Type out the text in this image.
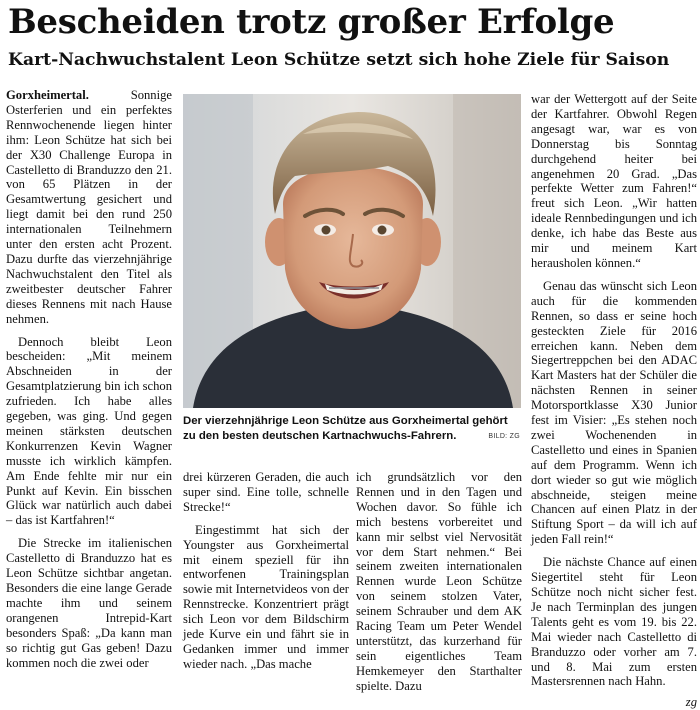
Bescheiden trotz großer Erfolge
Kart-Nachwuchstalent Leon Schütze setzt sich hohe Ziele für Saison

Gorxheimertal. Sonnige Osterferien und ein perfektes Rennwochenende liegen hinter ihm: Leon Schütze hat sich bei der X30 Challenge Europa in Castelletto di Branduzzo den 21. von 65 Plätzen in der Gesamtwertung gesichert und liegt damit bei den rund 250 internationalen Teilnehmern unter den ersten acht Prozent. Dazu durfte das vierzehnjährige Nachwuchstalent den Titel als zweitbester deutscher Fahrer dieses Rennens mit nach Hause nehmen.

Dennoch bleibt Leon bescheiden: „Mit meinem Abschneiden in der Gesamtplatzierung bin ich schon zufrieden. Ich habe alles gegeben, was ging. Und gegen meinen stärksten deutschen Konkurrenzen Kevin Wagner musste ich wirklich kämpfen. Am Ende fehlte mir nur ein Punkt auf Kevin. Ein bisschen Glück war natürlich auch dabei – das ist Kartfahren!“

Die Strecke im italienischen Castelletto di Branduzzo hat es Leon Schütze sichtbar angetan. Besonders die eine lange Gerade machte ihm und seinem orangenen Intrepid-Kart besonders Spaß: „Da kann man so richtig gut Gas geben! Dazu kommen noch die zwei oder

Der vierzehnjährige Leon Schütze aus Gorxheimertal gehört zu den besten deutschen Kartnachwuchs-Fahrern.	BILD: ZG

drei kürzeren Geraden, die auch super sind. Eine tolle, schnelle Strecke!“

Eingestimmt hat sich der Youngster aus Gorxheimertal mit einem speziell für ihn entworfenen Trainingsplan sowie mit Internetvideos von der Rennstrecke. Konzentriert prägt sich Leon vor dem Bildschirm jede Kurve ein und fährt sie in Gedanken immer und immer wieder nach. „Das mache

ich grundsätzlich vor den Rennen und in den Tagen und Wochen davor. So fühle ich mich bestens vorbereitet und kann mir selbst viel Nervosität vor dem Start nehmen.“ Bei seinem zweiten internationalen Rennen wurde Leon Schütze von seinem stolzen Vater, seinem Schrauber und dem AK Racing Team um Peter Wendel unterstützt, das kurzerhand für sein eigentliches Team Hemkemeyer den Starthalter spielte. Dazu

war der Wettergott auf der Seite der Kartfahrer. Obwohl Regen angesagt war, war es von Donnerstag bis Sonntag durchgehend heiter bei angenehmen 20 Grad. „Das perfekte Wetter zum Fahren!“ freut sich Leon. „Wir hatten ideale Rennbedingungen und ich denke, ich habe das Beste aus mir und meinem Kart herausholen können.“

Genau das wünscht sich Leon auch für die kommenden Rennen, so dass er seine hoch gesteckten Ziele für 2016 erreichen kann. Neben dem Siegertreppchen bei den ADAC Kart Masters hat der Schüler die nächsten Rennen in seiner Motorsportklasse X30 Junior fest im Visier: „Es stehen noch zwei Wochenenden in Castelletto und eines in Spanien auf dem Programm. Wenn ich dort wieder so gut wie möglich abschneide, steigen meine Chancen auf einen Platz in der Stiftung Sport – da will ich auf jeden Fall rein!“

Die nächste Chance auf einen Siegertitel steht für Leon Schütze noch nicht sicher fest. Je nach Terminplan des jungen Talents geht es vom 19. bis 22. Mai wieder nach Castelletto di Branduzzo oder vorher am 7. und 8. Mai zum ersten Mastersrennen nach Hahn.

zg
